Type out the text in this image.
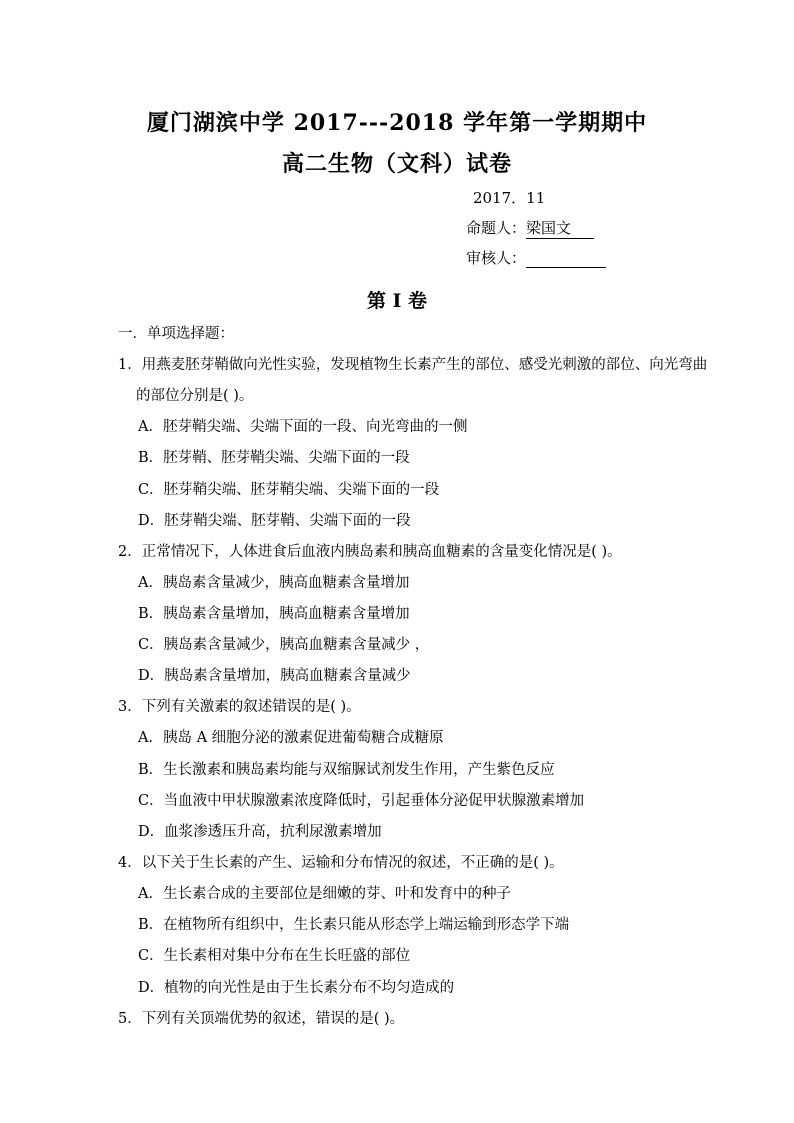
厦门湖滨中学 2017---2018 学年第一学期期中
高二生物（文科）试卷
2017．11
命题人：梁国文
审核人：
第 I 卷
一．单项选择题：
1．用燕麦胚芽鞘做向光性实验，发现植物生长素产生的部位、感受光刺激的部位、向光弯曲
的部位分别是( )。
A．胚芽鞘尖端、尖端下面的一段、向光弯曲的一侧
B．胚芽鞘、胚芽鞘尖端、尖端下面的一段
C．胚芽鞘尖端、胚芽鞘尖端、尖端下面的一段
D．胚芽鞘尖端、胚芽鞘、尖端下面的一段
2．正常情况下，人体进食后血液内胰岛素和胰高血糖素的含量变化情况是( )。
A．胰岛素含量减少，胰高血糖素含量增加
B．胰岛素含量增加，胰高血糖素含量增加
C．胰岛素含量减少，胰高血糖素含量减少 ，
D．胰岛素含量增加，胰高血糖素含量减少
3．下列有关激素的叙述错误的是( )。
A．胰岛 A 细胞分泌的激素促进葡萄糖合成糖原
B．生长激素和胰岛素均能与双缩脲试剂发生作用，产生紫色反应
C．当血液中甲状腺激素浓度降低时，引起垂体分泌促甲状腺激素增加
D．血浆渗透压升高，抗利尿激素增加
4．以下关于生长素的产生、运输和分布情况的叙述，不正确的是( )。
A．生长素合成的主要部位是细嫩的芽、叶和发育中的种子
B．在植物所有组织中，生长素只能从形态学上端运输到形态学下端
C．生长素相对集中分布在生长旺盛的部位
D．植物的向光性是由于生长素分布不均匀造成的
5．下列有关顶端优势的叙述，错误的是( )。
